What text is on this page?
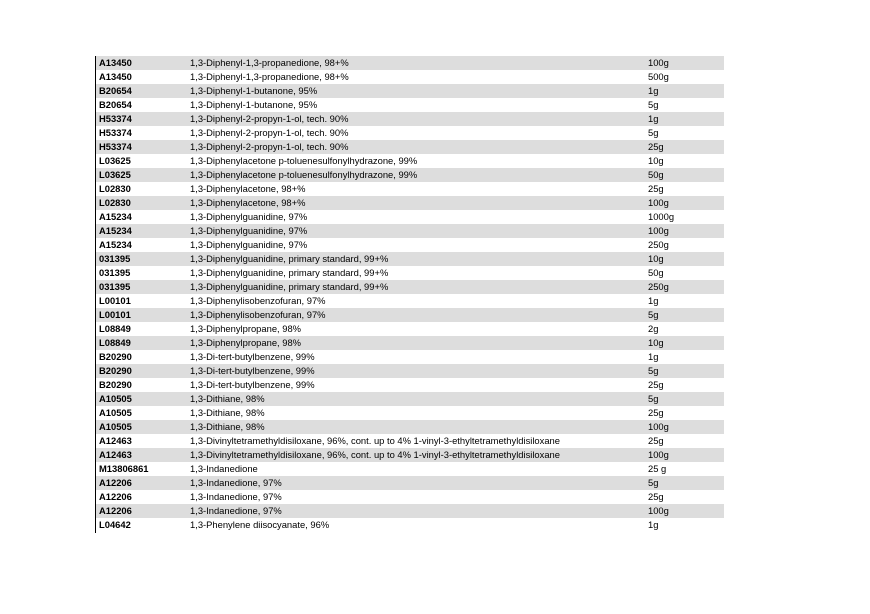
A13450	1,3-Diphenyl-1,3-propanedione, 98+%	100g
A13450	1,3-Diphenyl-1,3-propanedione, 98+%	500g
B20654	1,3-Diphenyl-1-butanone, 95%	1g
B20654	1,3-Diphenyl-1-butanone, 95%	5g
H53374	1,3-Diphenyl-2-propyn-1-ol, tech. 90%	1g
H53374	1,3-Diphenyl-2-propyn-1-ol, tech. 90%	5g
H53374	1,3-Diphenyl-2-propyn-1-ol, tech. 90%	25g
L03625	1,3-Diphenylacetone p-toluenesulfonylhydrazone, 99%	10g
L03625	1,3-Diphenylacetone p-toluenesulfonylhydrazone, 99%	50g
L02830	1,3-Diphenylacetone, 98+%	25g
L02830	1,3-Diphenylacetone, 98+%	100g
A15234	1,3-Diphenylguanidine, 97%	1000g
A15234	1,3-Diphenylguanidine, 97%	100g
A15234	1,3-Diphenylguanidine, 97%	250g
031395	1,3-Diphenylguanidine, primary standard, 99+%	10g
031395	1,3-Diphenylguanidine, primary standard, 99+%	50g
031395	1,3-Diphenylguanidine, primary standard, 99+%	250g
L00101	1,3-Diphenylisobenzofuran, 97%	1g
L00101	1,3-Diphenylisobenzofuran, 97%	5g
L08849	1,3-Diphenylpropane, 98%	2g
L08849	1,3-Diphenylpropane, 98%	10g
B20290	1,3-Di-tert-butylbenzene, 99%	1g
B20290	1,3-Di-tert-butylbenzene, 99%	5g
B20290	1,3-Di-tert-butylbenzene, 99%	25g
A10505	1,3-Dithiane, 98%	5g
A10505	1,3-Dithiane, 98%	25g
A10505	1,3-Dithiane, 98%	100g
A12463	1,3-Divinyltetramethyldisiloxane, 96%, cont. up to 4% 1-vinyl-3-ethyltetramethyldisiloxane	25g
A12463	1,3-Divinyltetramethyldisiloxane, 96%, cont. up to 4% 1-vinyl-3-ethyltetramethyldisiloxane	100g
M13806861	1,3-Indanedione	25 g
A12206	1,3-Indanedione, 97%	5g
A12206	1,3-Indanedione, 97%	25g
A12206	1,3-Indanedione, 97%	100g
L04642	1,3-Phenylene diisocyanate, 96%	1g
